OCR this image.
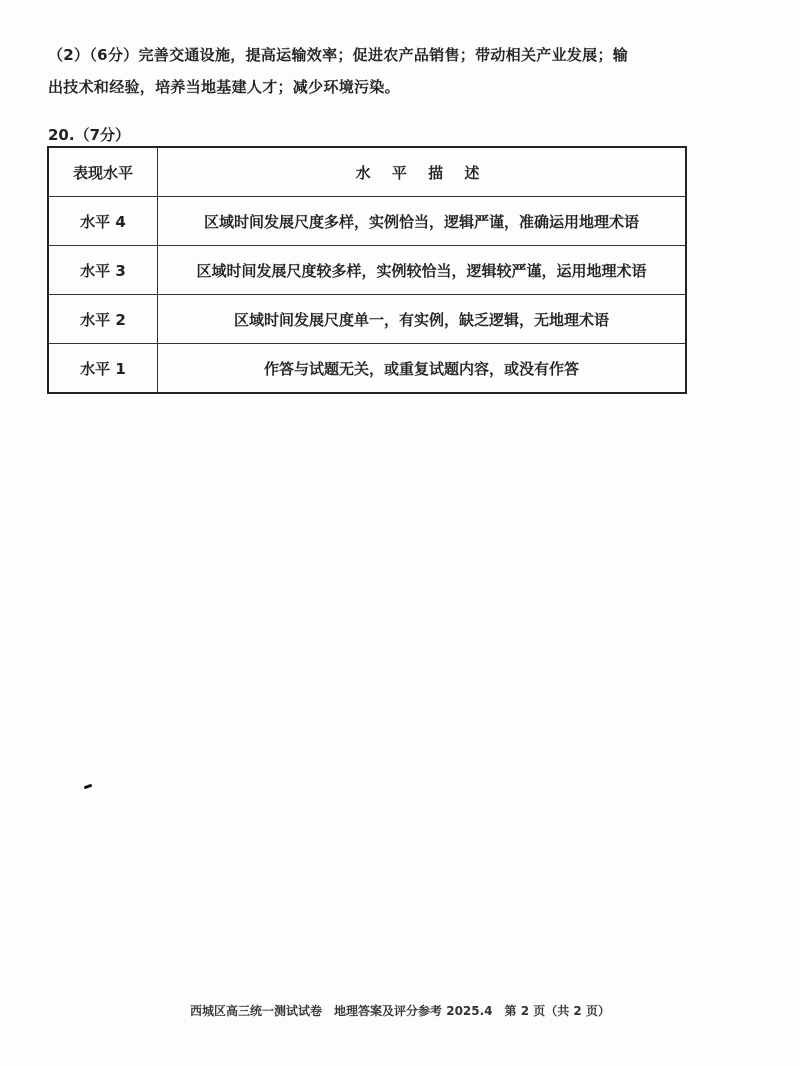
（2）（6分）完善交通设施，提高运输效率；促进农产品销售；带动相关产业发展；输
出技术和经验，培养当地基建人才；减少环境污染。
20.（7分）
表现水平	水 平 描 述
水平 4	区域时间发展尺度多样，实例恰当，逻辑严谨，准确运用地理术语
水平 3	区域时间发展尺度较多样，实例较恰当，逻辑较严谨，运用地理术语
水平 2	区域时间发展尺度单一，有实例，缺乏逻辑，无地理术语
水平 1	作答与试题无关，或重复试题内容，或没有作答
西城区高三统一测试试卷　地理答案及评分参考 2025.4　第 2 页（共 2 页）
